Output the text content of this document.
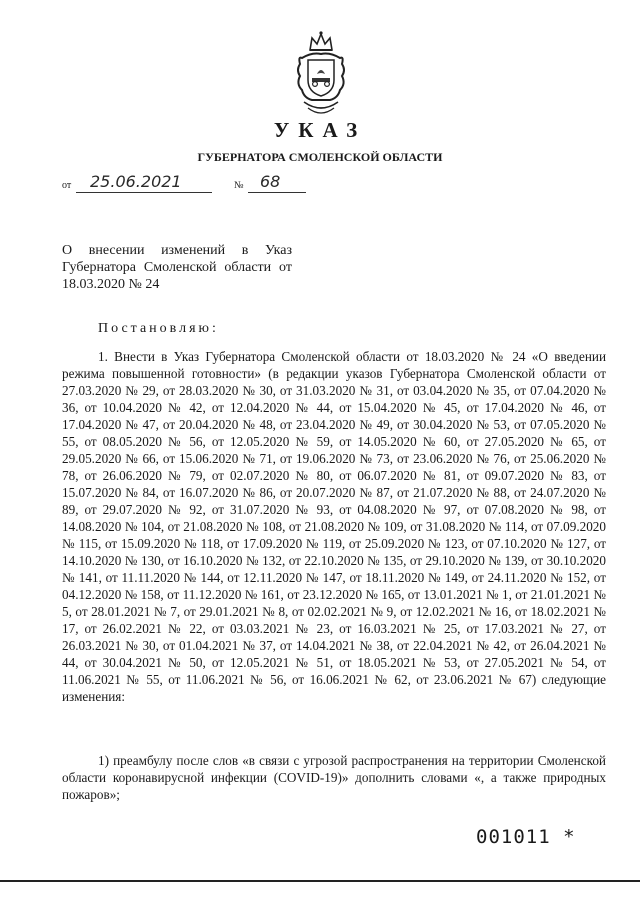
УКАЗ
ГУБЕРНАТОРА СМОЛЕНСКОЙ ОБЛАСТИ
от 25.06.2021	№ 68
О внесении изменений в Указ Губернатора Смоленской области от 18.03.2020 № 24
Постановляю:

1. Внести в Указ Губернатора Смоленской области от 18.03.2020 № 24 «О введении режима повышенной готовности» (в редакции указов Губернатора Смоленской области от 27.03.2020 № 29, от 28.03.2020 № 30, от 31.03.2020 № 31, от 03.04.2020 № 35, от 07.04.2020 № 36, от 10.04.2020 № 42, от 12.04.2020 № 44, от 15.04.2020 № 45, от 17.04.2020 № 46, от 17.04.2020 № 47, от 20.04.2020 № 48, от 23.04.2020 № 49, от 30.04.2020 № 53, от 07.05.2020 № 55, от 08.05.2020 № 56, от 12.05.2020 № 59, от 14.05.2020 № 60, от 27.05.2020 № 65, от 29.05.2020 № 66, от 15.06.2020 № 71, от 19.06.2020 № 73, от 23.06.2020 № 76, от 25.06.2020 № 78, от 26.06.2020 № 79, от 02.07.2020 № 80, от 06.07.2020 № 81, от 09.07.2020 № 83, от 15.07.2020 № 84, от 16.07.2020 № 86, от 20.07.2020 № 87, от 21.07.2020 № 88, от 24.07.2020 № 89, от 29.07.2020 № 92, от 31.07.2020 № 93, от 04.08.2020 № 97, от 07.08.2020 № 98, от 14.08.2020 № 104, от 21.08.2020 № 108, от 21.08.2020 № 109, от 31.08.2020 № 114, от 07.09.2020 № 115, от 15.09.2020 № 118, от 17.09.2020 № 119, от 25.09.2020 № 123, от 07.10.2020 № 127, от 14.10.2020 № 130, от 16.10.2020 № 132, от 22.10.2020 № 135, от 29.10.2020 № 139, от 30.10.2020 № 141, от 11.11.2020 № 144, от 12.11.2020 № 147, от 18.11.2020 № 149, от 24.11.2020 № 152, от 04.12.2020 № 158, от 11.12.2020 № 161, от 23.12.2020 № 165, от 13.01.2021 № 1, от 21.01.2021 № 5, от 28.01.2021 № 7, от 29.01.2021 № 8, от 02.02.2021 № 9, от 12.02.2021 № 16, от 18.02.2021 № 17, от 26.02.2021 № 22, от 03.03.2021 № 23, от 16.03.2021 № 25, от 17.03.2021 № 27, от 26.03.2021 № 30, от 01.04.2021 № 37, от 14.04.2021 № 38, от 22.04.2021 № 42, от 26.04.2021 № 44, от 30.04.2021 № 50, от 12.05.2021 № 51, от 18.05.2021 № 53, от 27.05.2021 № 54, от 11.06.2021 № 55, от 11.06.2021 № 56, от 16.06.2021 № 62, от 23.06.2021 № 67) следующие изменения:

1) преамбулу после слов «в связи с угрозой распространения на территории Смоленской области коронавирусной инфекции (COVID-19)» дополнить словами «, а также природных пожаров»;

001011 *
